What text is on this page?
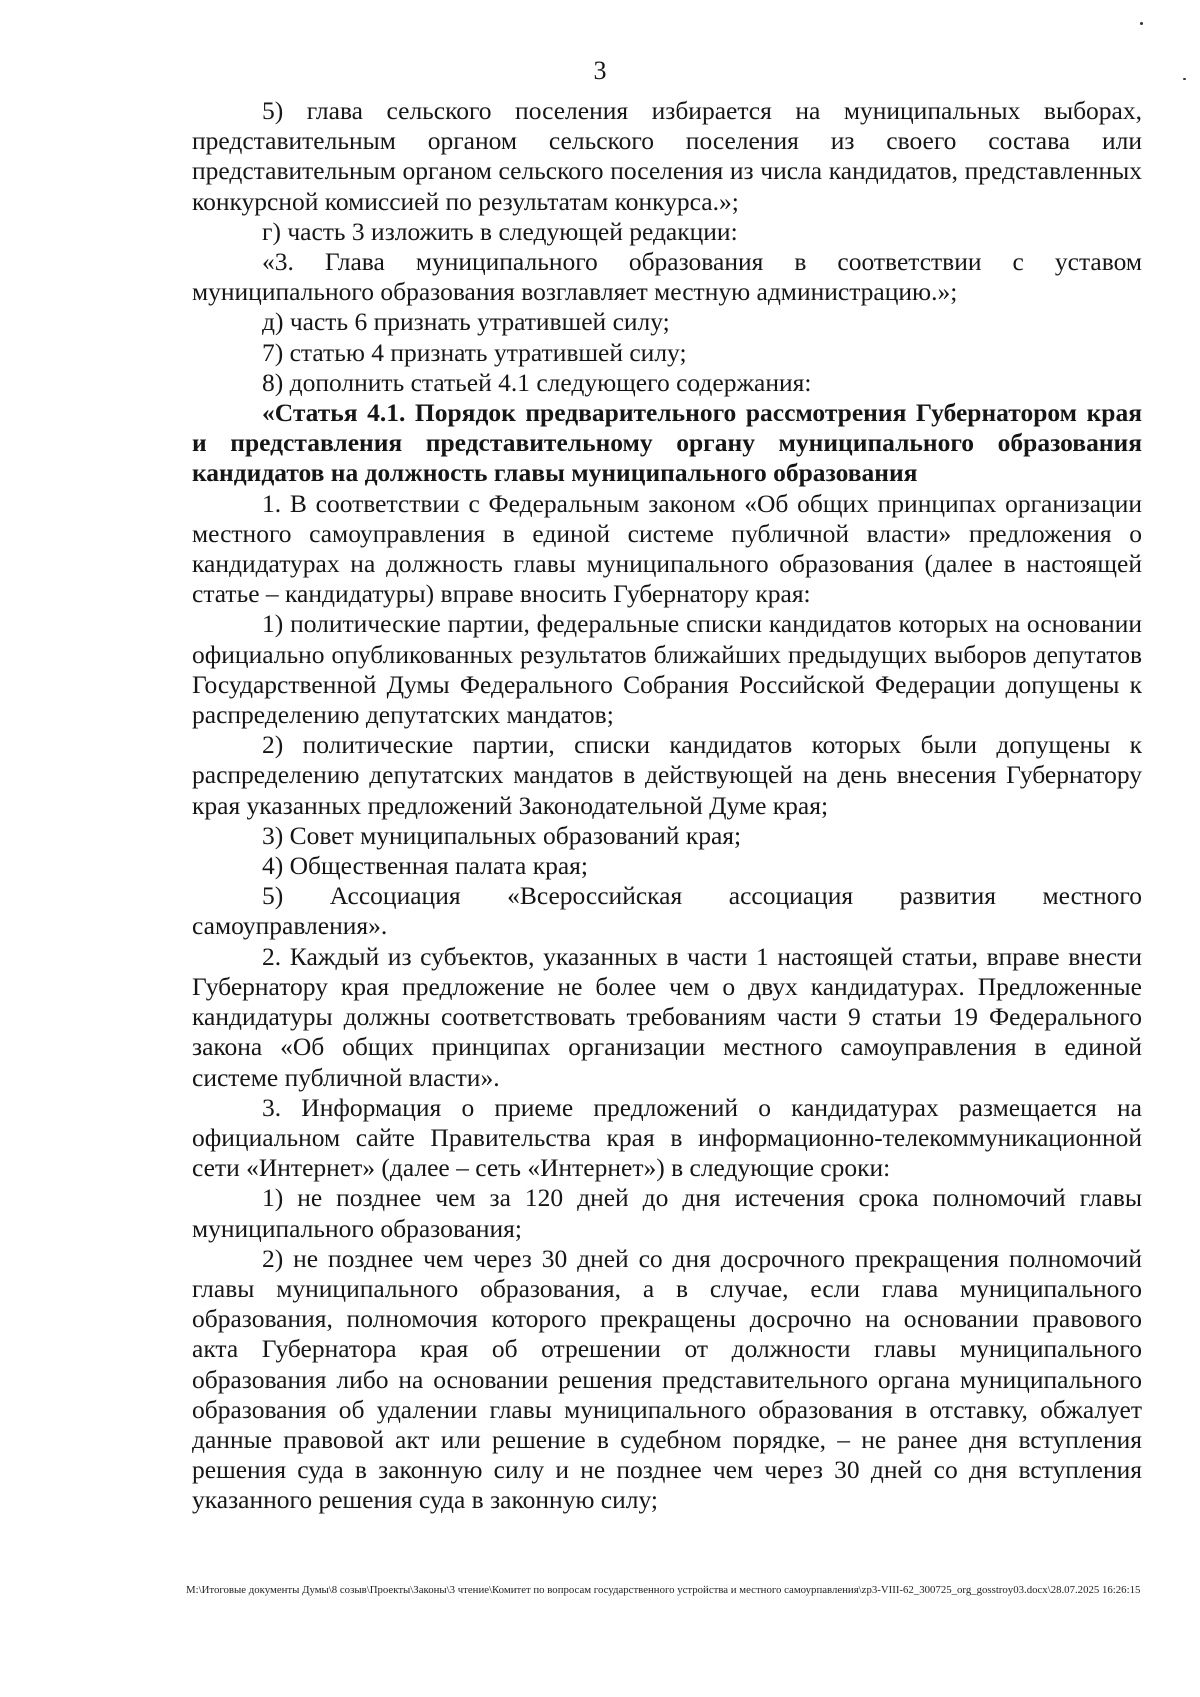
3

5) глава сельского поселения избирается на муниципальных выборах, представительным органом сельского поселения из своего состава или представительным органом сельского поселения из числа кандидатов, представленных конкурсной комиссией по результатам конкурса.»;

г) часть 3 изложить в следующей редакции:

«3. Глава муниципального образования в соответствии с уставом муниципального образования возглавляет местную администрацию.»;

д) часть 6 признать утратившей силу;

7) статью 4 признать утратившей силу;

8) дополнить статьей 4.1 следующего содержания:

«Статья 4.1. Порядок предварительного рассмотрения Губернатором края и представления представительному органу муниципального образования кандидатов на должность главы муниципального образования

1. В соответствии с Федеральным законом «Об общих принципах организации местного самоуправления в единой системе публичной власти» предложения о кандидатурах на должность главы муниципального образования (далее в настоящей статье – кандидатуры) вправе вносить Губернатору края:

1) политические партии, федеральные списки кандидатов которых на основании официально опубликованных результатов ближайших предыдущих выборов депутатов Государственной Думы Федерального Собрания Российской Федерации допущены к распределению депутатских мандатов;

2) политические партии, списки кандидатов которых были допущены к распределению депутатских мандатов в действующей на день внесения Губернатору края указанных предложений Законодательной Думе края;

3) Совет муниципальных образований края;

4) Общественная палата края;

5) Ассоциация «Всероссийская ассоциация развития местного самоуправления».

2. Каждый из субъектов, указанных в части 1 настоящей статьи, вправе внести Губернатору края предложение не более чем о двух кандидатурах. Предложенные кандидатуры должны соответствовать требованиям части 9 статьи 19 Федерального закона «Об общих принципах организации местного самоуправления в единой системе публичной власти».

3. Информация о приеме предложений о кандидатурах размещается на официальном сайте Правительства края в информационно-телекоммуникационной сети «Интернет» (далее – сеть «Интернет») в следующие сроки:

1) не позднее чем за 120 дней до дня истечения срока полномочий главы муниципального образования;

2) не позднее чем через 30 дней со дня досрочного прекращения полномочий главы муниципального образования, а в случае, если глава муниципального образования, полномочия которого прекращены досрочно на основании правового акта Губернатора края об отрешении от должности главы муниципального образования либо на основании решения представительного органа муниципального образования об удалении главы муниципального образования в отставку, обжалует данные правовой акт или решение в судебном порядке, – не ранее дня вступления решения суда в законную силу и не позднее чем через 30 дней со дня вступления указанного решения суда в законную силу;

M:\Итоговые документы Думы\8 созыв\Проекты\Законы\3 чтение\Комитет по вопросам государственного устройства и местного самоурпавления\zp3-VIII-62_300725_org_gosstroy03.docx\28.07.2025 16:26:15
